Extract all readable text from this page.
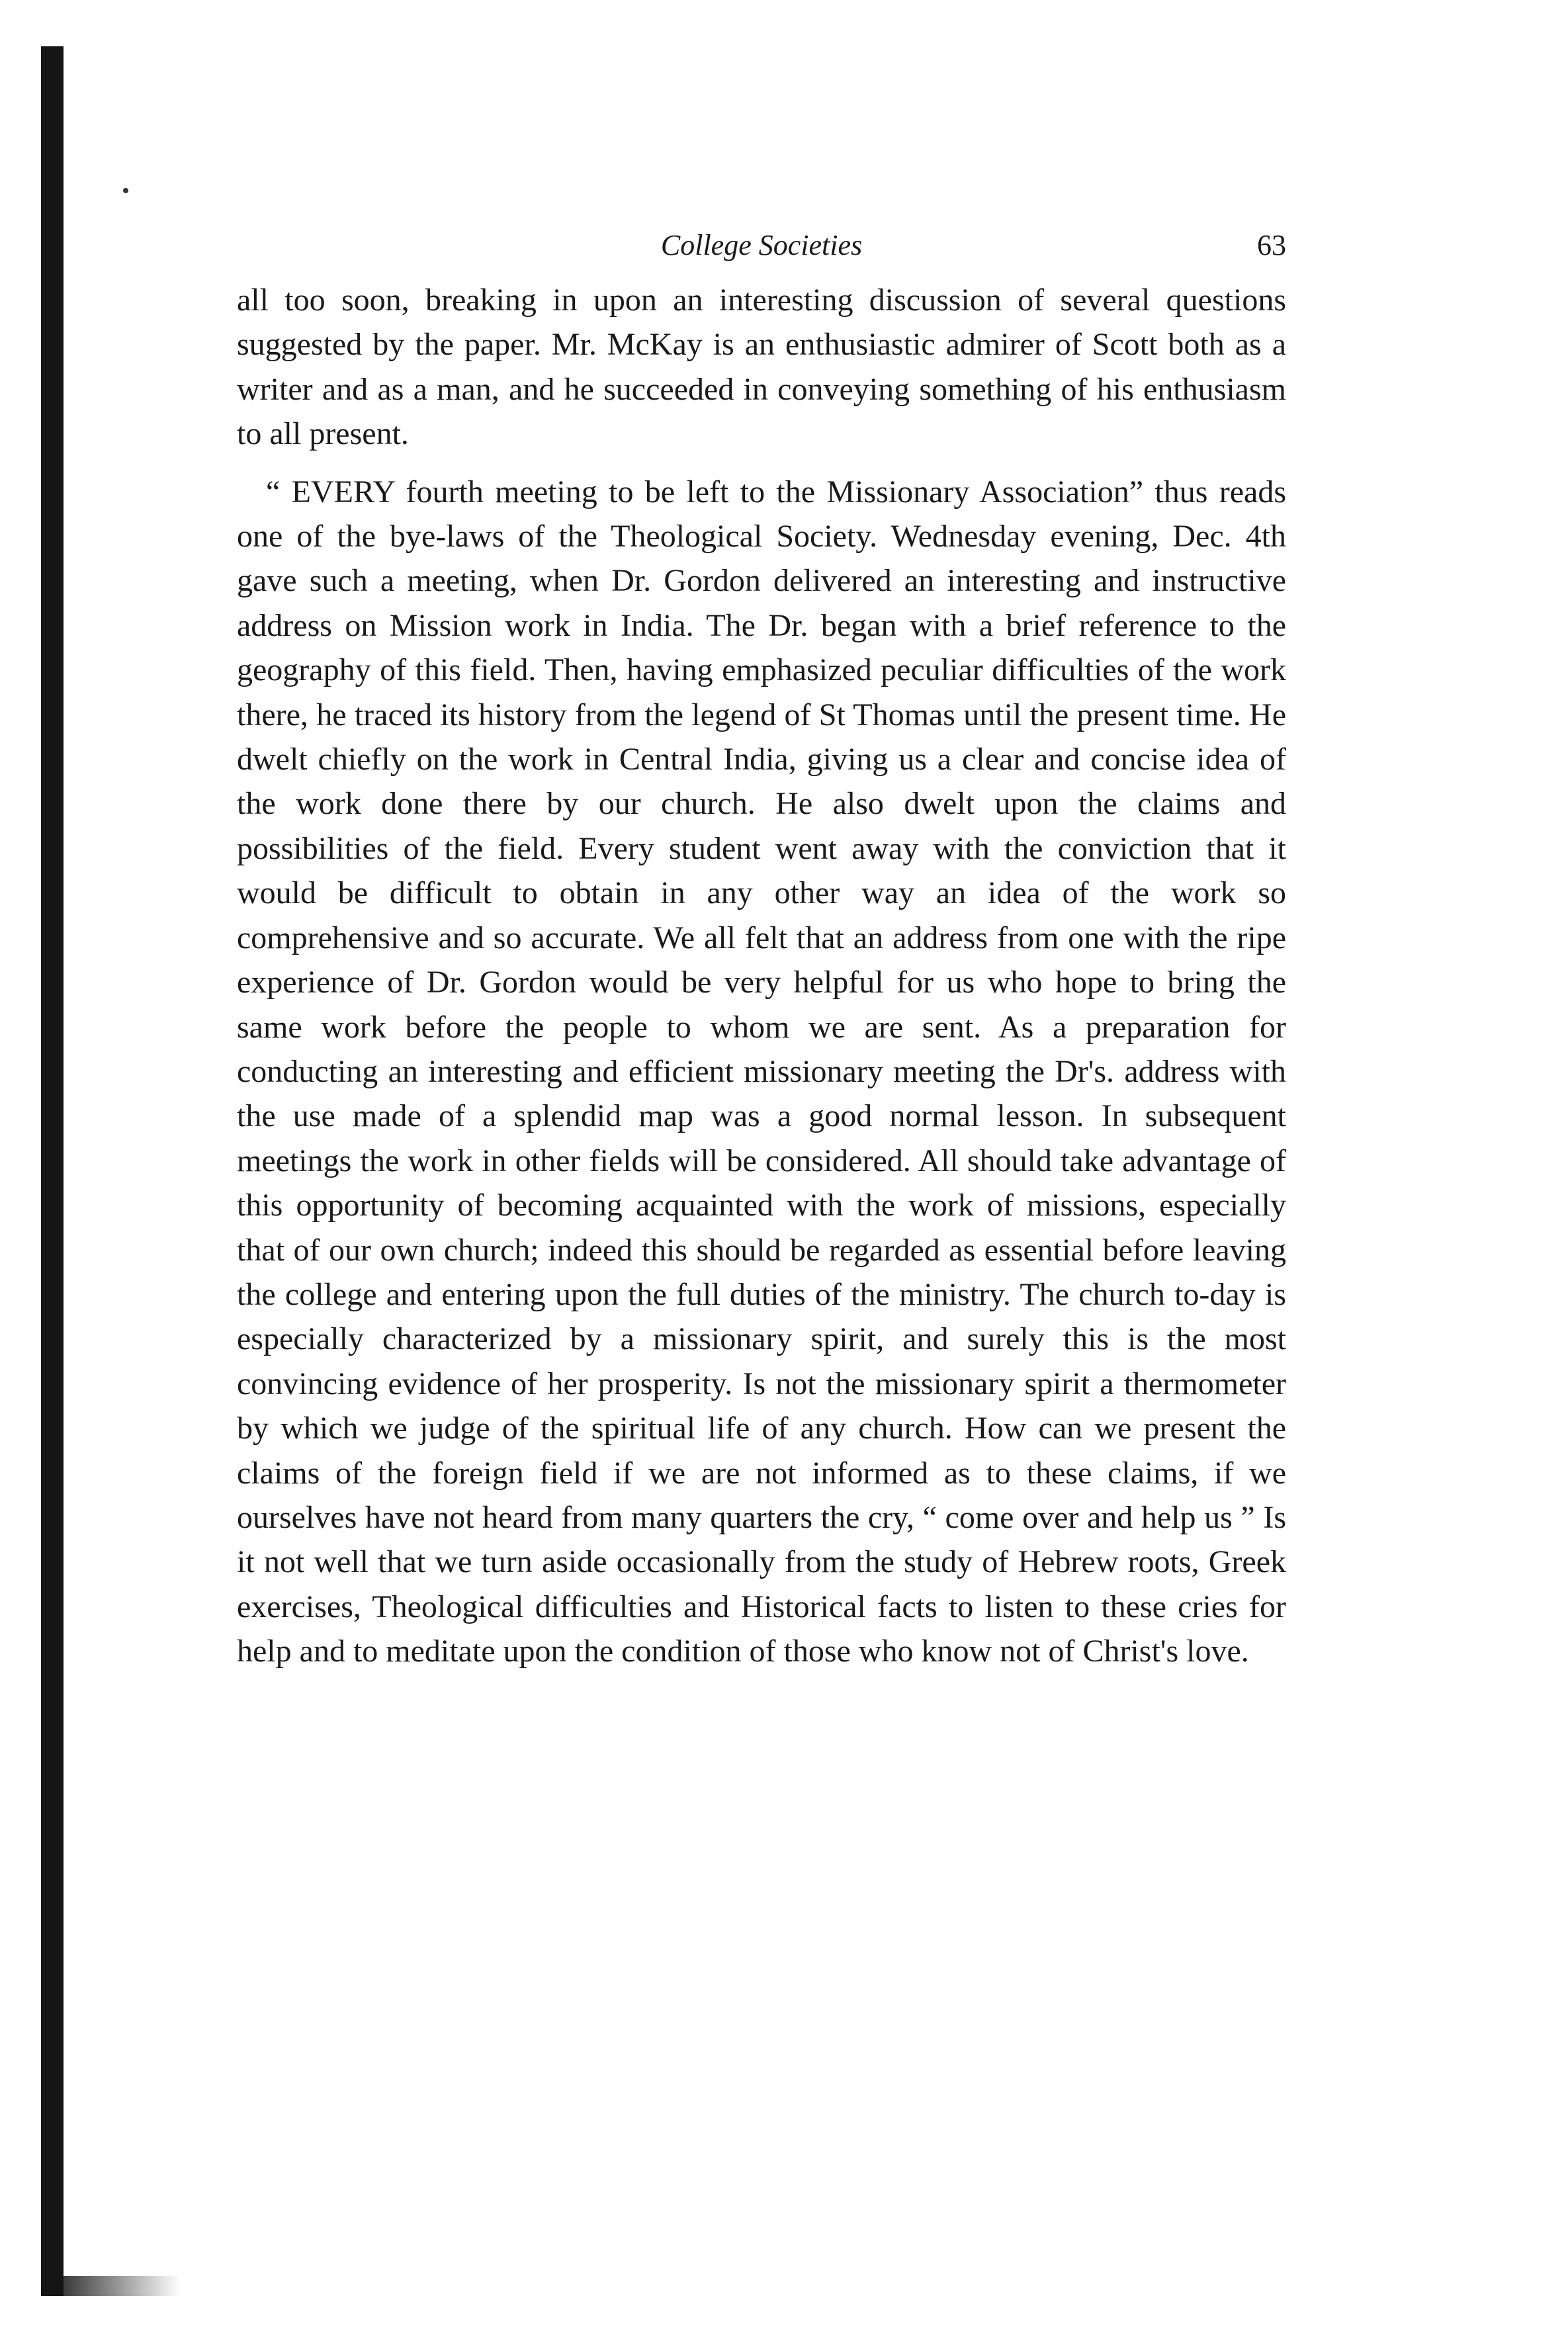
College Societies	63

all too soon, breaking in upon an interesting discussion of several questions suggested by the paper. Mr. McKay is an enthusiastic admirer of Scott both as a writer and as a man, and he succeeded in conveying something of his enthusiasm to all present.

“ EVERY fourth meeting to be left to the Missionary Association” thus reads one of the bye-laws of the Theological Society. Wednesday evening, Dec. 4th gave such a meeting, when Dr. Gordon delivered an interesting and instructive address on Mission work in India. The Dr. began with a brief reference to the geography of this field. Then, having emphasized peculiar difficulties of the work there, he traced its history from the legend of St Thomas until the present time. He dwelt chiefly on the work in Central India, giving us a clear and concise idea of the work done there by our church. He also dwelt upon the claims and possibilities of the field. Every student went away with the conviction that it would be difficult to obtain in any other way an idea of the work so comprehensive and so accurate. We all felt that an address from one with the ripe experience of Dr. Gordon would be very helpful for us who hope to bring the same work before the people to whom we are sent. As a preparation for conducting an interesting and efficient missionary meeting the Dr's. address with the use made of a splendid map was a good normal lesson. In subsequent meetings the work in other fields will be considered. All should take advantage of this opportunity of becoming acquainted with the work of missions, especially that of our own church; indeed this should be regarded as essential before leaving the college and entering upon the full duties of the ministry. The church to-day is especially characterized by a missionary spirit, and surely this is the most convincing evidence of her prosperity. Is not the missionary spirit a thermometer by which we judge of the spiritual life of any church. How can we present the claims of the foreign field if we are not informed as to these claims, if we ourselves have not heard from many quarters the cry, “ come over and help us ” Is it not well that we turn aside occasionally from the study of Hebrew roots, Greek exercises, Theological difficulties and Historical facts to listen to these cries for help and to meditate upon the condition of those who know not of Christ's love.
